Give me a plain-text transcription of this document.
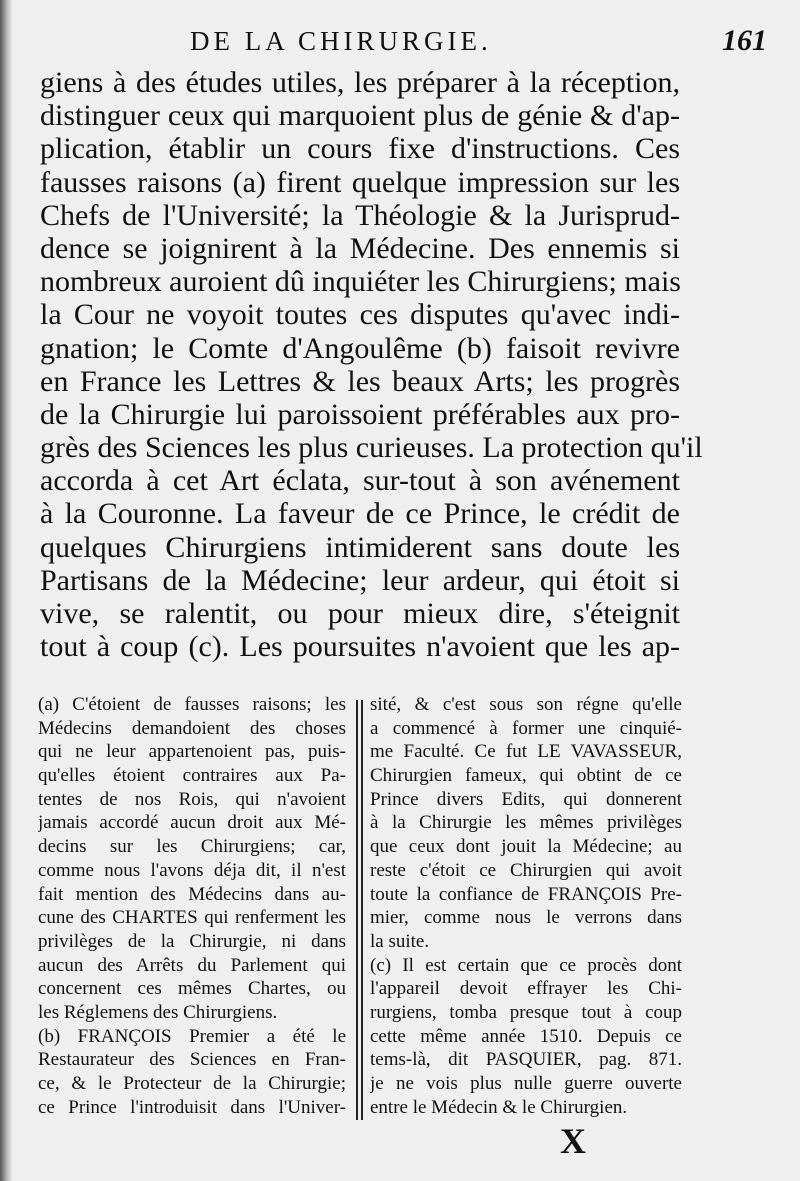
DE LA CHIRURGIE.	161
giens à des études utiles, les préparer à la réception,
distinguer ceux qui marquoient plus de génie & d'ap-
plication, établir un cours fixe d'instructions. Ces
fausses raisons (a) firent quelque impression sur les
Chefs de l'Université; la Théologie & la Jurisprud-
dence se joignirent à la Médecine. Des ennemis si
nombreux auroient dû inquiéter les Chirurgiens; mais
la Cour ne voyoit toutes ces disputes qu'avec indi-
gnation; le Comte d'Angoulême (b) faisoit revivre
en France les Lettres & les beaux Arts; les progrès
de la Chirurgie lui paroissoient préférables aux pro-
grès des Sciences les plus curieuses. La protection qu'il
accorda à cet Art éclata, sur-tout à son avénement
à la Couronne. La faveur de ce Prince, le crédit de
quelques Chirurgiens intimiderent sans doute les
Partisans de la Médecine; leur ardeur, qui étoit si
vive, se ralentit, ou pour mieux dire, s'éteignit
tout à coup (c). Les poursuites n'avoient que les ap-
(a) C'étoient de fausses raisons; les
Médecins demandoient des choses
qui ne leur appartenoient pas, puis-
qu'elles étoient contraires aux Pa-
tentes de nos Rois, qui n'avoient
jamais accordé aucun droit aux Mé-
decins sur les Chirurgiens; car,
comme nous l'avons déja dit, il n'est
fait mention des Médecins dans au-
cune des CHARTES qui renferment les
privilèges de la Chirurgie, ni dans
aucun des Arrêts du Parlement qui
concernent ces mêmes Chartes, ou
les Réglemens des Chirurgiens.
(b) FRANÇOIS Premier a été le
Restaurateur des Sciences en Fran-
ce, & le Protecteur de la Chirurgie;
ce Prince l'introduisit dans l'Univer-
sité, & c'est sous son régne qu'elle
a commencé à former une cinquié-
me Faculté. Ce fut LE VAVASSEUR,
Chirurgien fameux, qui obtint de ce
Prince divers Edits, qui donnerent
à la Chirurgie les mêmes privilèges
que ceux dont jouit la Médecine; au
reste c'étoit ce Chirurgien qui avoit
toute la confiance de FRANÇOIS Pre-
mier, comme nous le verrons dans
la suite.
(c) Il est certain que ce procès dont
l'appareil devoit effrayer les Chi-
rurgiens, tomba presque tout à coup
cette même année 1510. Depuis ce
tems-là, dit PASQUIER, pag. 871.
je ne vois plus nulle guerre ouverte
entre le Médecin & le Chirurgien.
X
